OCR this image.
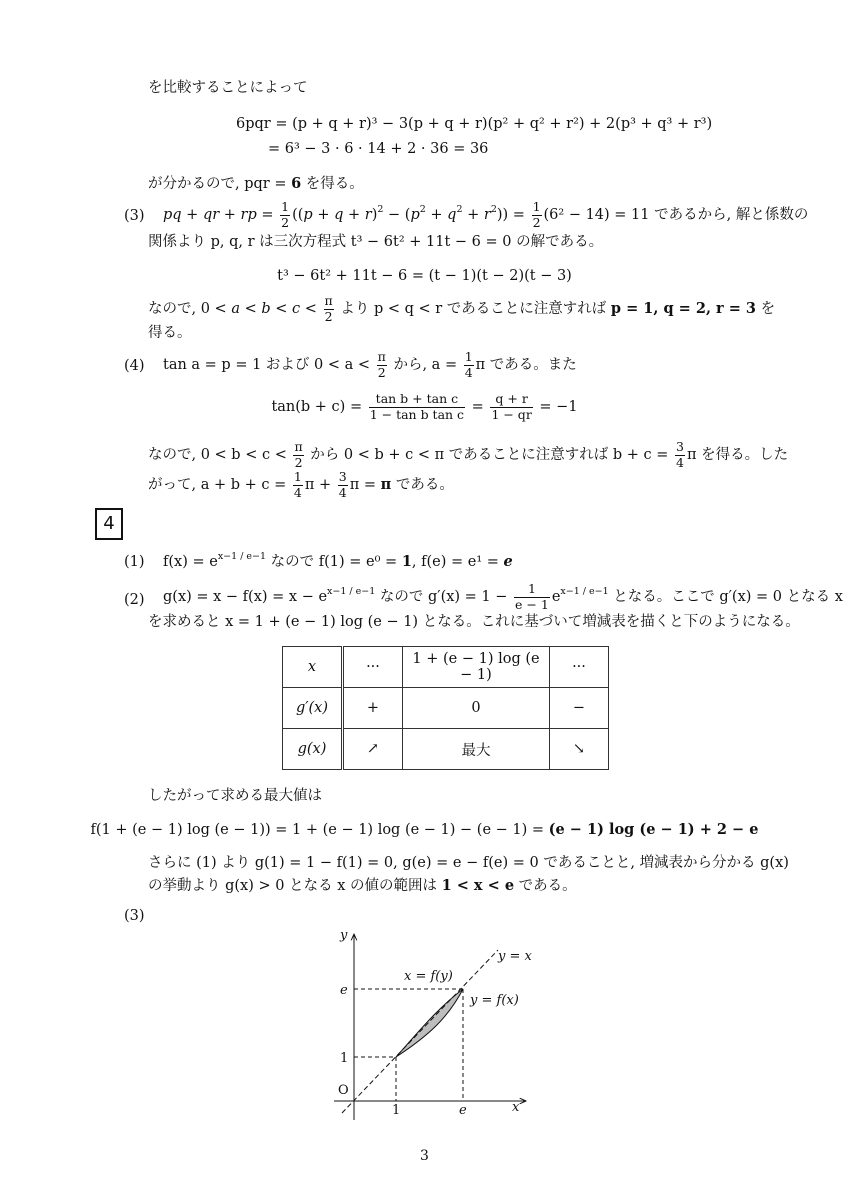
を比較することによって
6pqr = (p + q + r)³ − 3(p + q + r)(p² + q² + r²) + 2(p³ + q³ + r³)
= 6³ − 3 · 6 · 14 + 2 · 36 = 36
が分かるので, pqr = 6 を得る。
(3) pq + qr + rp = $\frac{1}{2} ((p + q + r)^2 - (p^2 + q^2 + r^2)) = \frac{1}{2} (6^2 - 14) = 11$ であるから, 解と係数の
関係より p, q, r は三次方程式 t³ − 6t² + 11t − 6 = 0 の解である。
t³ − 6t² + 11t − 6 = (t − 1)(t − 2)(t − 3)
なので, $0 < a < b < c < \frac{\pi}{2}$ より p < q < r であることに注意すれば p = 1, q = 2, r = 3 を
得る。
(4) tan a = p = 1 および $0 < a < \frac{\pi}{2}$ から, $a = \frac{1}{4}$ π である。また
$\tan(b + c) = \frac{\text{tan b + tan c}}{\text{1 − tan b tan c}} = \frac{q + r}{1 - qr} = -1$
なので, $0 < b < c < \frac{\pi}{2}$ から 0 < b + c < π であることに注意すれば $b + c = \frac{3}{4}$ π を得る。した
がって, $a + b + c = \frac{1}{4}$ $\pi + \frac{3}{4}$ π = π である。
4
(1) $f(x) = e^{x-1 / e-1}$ なので f(1) = e⁰ = 1, f(e) = e¹ = e
(2) $g(x) = x - f(x) = x - e^{x-1 / e-1}$ なので $g'(x) = 1 - \frac{1}{e - 1} e^{x-1 / e-1}$ となる。ここで g′(x) = 0 となる x
を求めると x = 1 + (e − 1) log (e − 1) となる。これに基づいて増減表を描くと下のようになる。
x	···	1 + (e − 1) log (e − 1)	···
g′(x)	+	0	−
g(x)	↗	最大	↘
したがって求める最大値は
f(1 + (e − 1) log (e − 1)) = 1 + (e − 1) log (e − 1) − (e − 1) = (e − 1) log (e − 1) + 2 − e
さらに (1) より g(1) = 1 − f(1) = 0, g(e) = e − f(e) = 0 であることと, 増減表から分かる g(x)
の挙動より g(x) > 0 となる x の値の範囲は 1 < x < e である。
(3)
y
x
O
1	e
1
e
y = x
x = f(y)
y = f(x)
3
